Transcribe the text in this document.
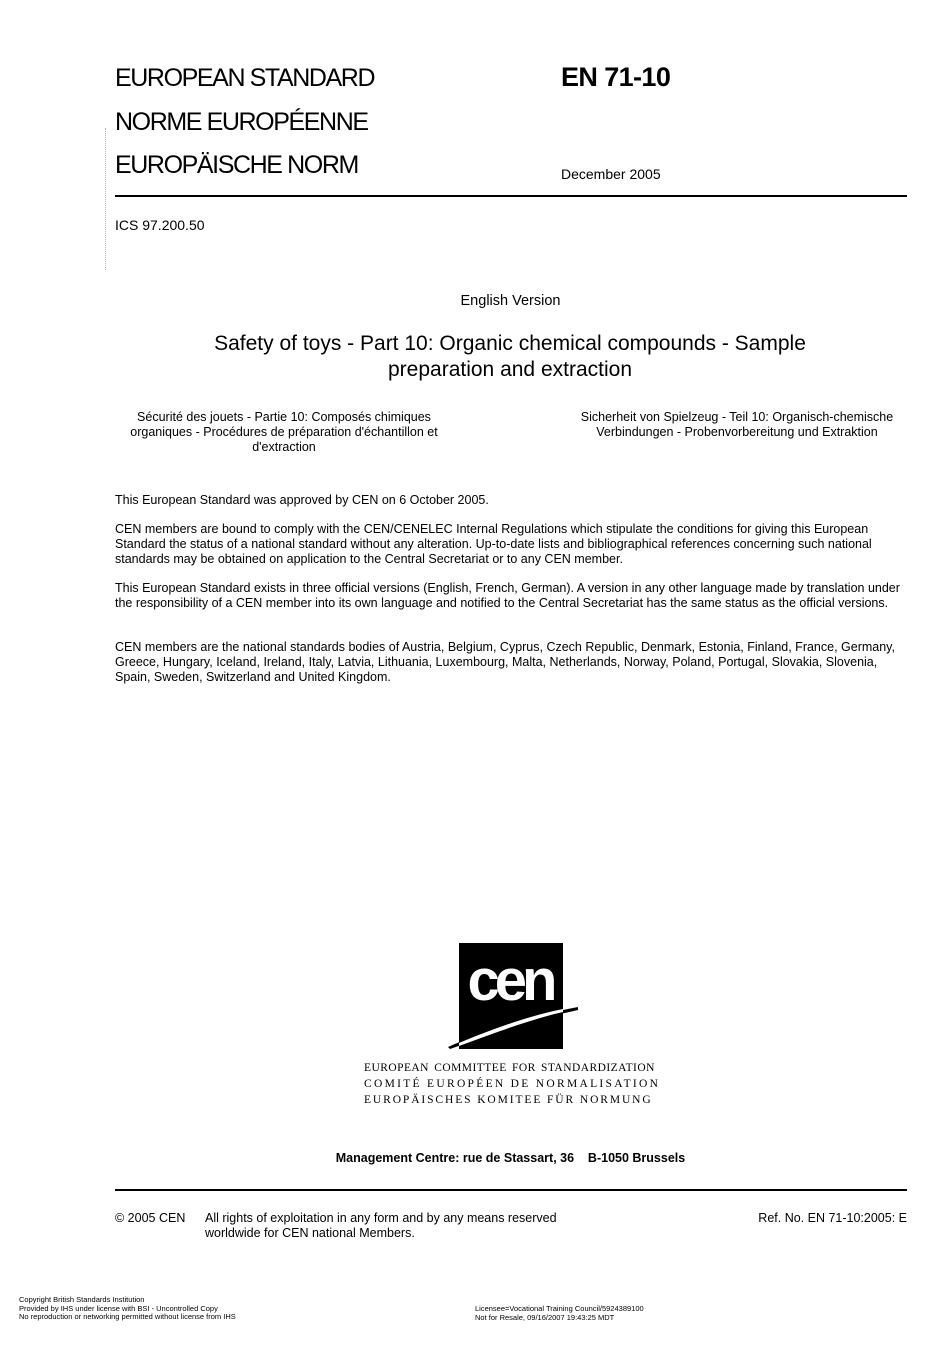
EUROPEAN STANDARD
NORME EUROPÉENNE
EUROPÄISCHE NORM
EN 71-10
December 2005
ICS 97.200.50
English Version
Safety of toys - Part 10: Organic chemical compounds - Sample preparation and extraction
Sécurité des jouets - Partie 10: Composés chimiques organiques - Procédures de préparation d'échantillon et d'extraction
Sicherheit von Spielzeug - Teil 10: Organisch-chemische Verbindungen - Probenvorbereitung und Extraktion
This European Standard was approved by CEN on 6 October 2005.
CEN members are bound to comply with the CEN/CENELEC Internal Regulations which stipulate the conditions for giving this European Standard the status of a national standard without any alteration. Up-to-date lists and bibliographical references concerning such national standards may be obtained on application to the Central Secretariat or to any CEN member.
This European Standard exists in three official versions (English, French, German). A version in any other language made by translation under the responsibility of a CEN member into its own language and notified to the Central Secretariat has the same status as the official versions.
CEN members are the national standards bodies of Austria, Belgium, Cyprus, Czech Republic, Denmark, Estonia, Finland, France, Germany, Greece, Hungary, Iceland, Ireland, Italy, Latvia, Lithuania, Luxembourg, Malta, Netherlands, Norway, Poland, Portugal, Slovakia, Slovenia, Spain, Sweden, Switzerland and United Kingdom.
cen
EUROPEAN COMMITTEE FOR STANDARDIZATION
COMITÉ EUROPÉEN DE NORMALISATION
EUROPÄISCHES KOMITEE FÜR NORMUNG
Management Centre: rue de Stassart, 36    B-1050 Brussels
© 2005 CEN All rights of exploitation in any form and by any means reserved worldwide for CEN national Members.
Ref. No. EN 71-10:2005: E
Copyright British Standards Institution
Provided by IHS under license with BSI - Uncontrolled Copy
No reproduction or networking permitted without license from IHS
Licensee=Vocational Training Council/5924389100
Not for Resale, 09/16/2007 19:43:25 MDT
